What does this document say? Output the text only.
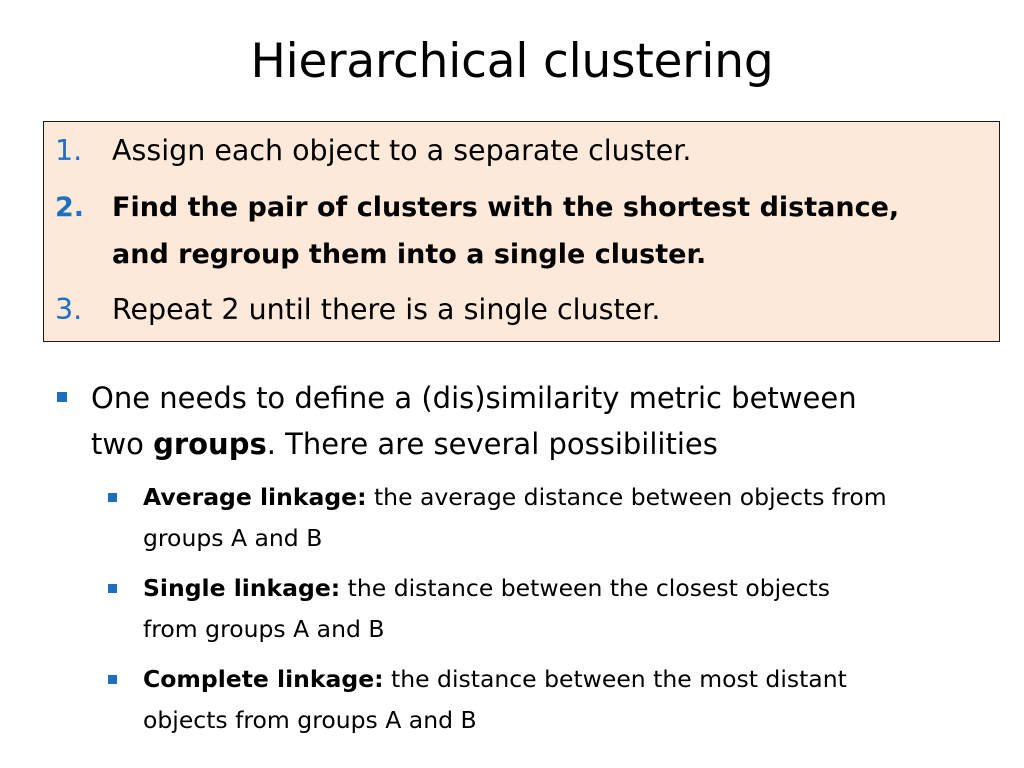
Hierarchical clustering
1. Assign each object to a separate cluster.
2. Find the pair of clusters with the shortest distance,
and regroup them into a single cluster.
3. Repeat 2 until there is a single cluster.
One needs to define a (dis)similarity metric between
two groups. There are several possibilities
Average linkage: the average distance between objects from
groups A and B
Single linkage: the distance between the closest objects
from groups A and B
Complete linkage: the distance between the most distant
objects from groups A and B
